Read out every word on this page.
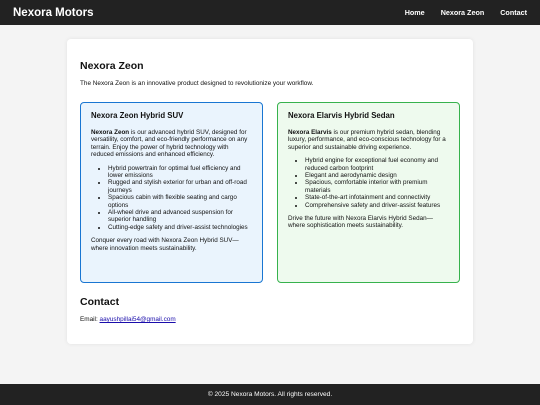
Nexora Motors	Home Nexora Zeon Contact
Nexora Zeon

The Nexora Zeon is an innovative product designed to revolutionize your workflow.

Nexora Zeon Hybrid SUV

Nexora Zeon is our advanced hybrid SUV, designed for versatility, comfort, and eco-friendly performance on any terrain. Enjoy the power of hybrid technology with reduced emissions and enhanced efficiency.

• Hybrid powertrain for optimal fuel efficiency and lower emissions
• Rugged and stylish exterior for urban and off-road journeys
• Spacious cabin with flexible seating and cargo options
• All-wheel drive and advanced suspension for superior handling
• Cutting-edge safety and driver-assist technologies

Conquer every road with Nexora Zeon Hybrid SUV—where innovation meets sustainability.

Nexora Elarvis Hybrid Sedan

Nexora Elarvis is our premium hybrid sedan, blending luxury, performance, and eco-conscious technology for a superior and sustainable driving experience.

• Hybrid engine for exceptional fuel economy and reduced carbon footprint
• Elegant and aerodynamic design
• Spacious, comfortable interior with premium materials
• State-of-the-art infotainment and connectivity
• Comprehensive safety and driver-assist features

Drive the future with Nexora Elarvis Hybrid Sedan—where sophistication meets sustainability.

Contact

Email: aayushpillai54@gmail.com

© 2025 Nexora Motors. All rights reserved.
